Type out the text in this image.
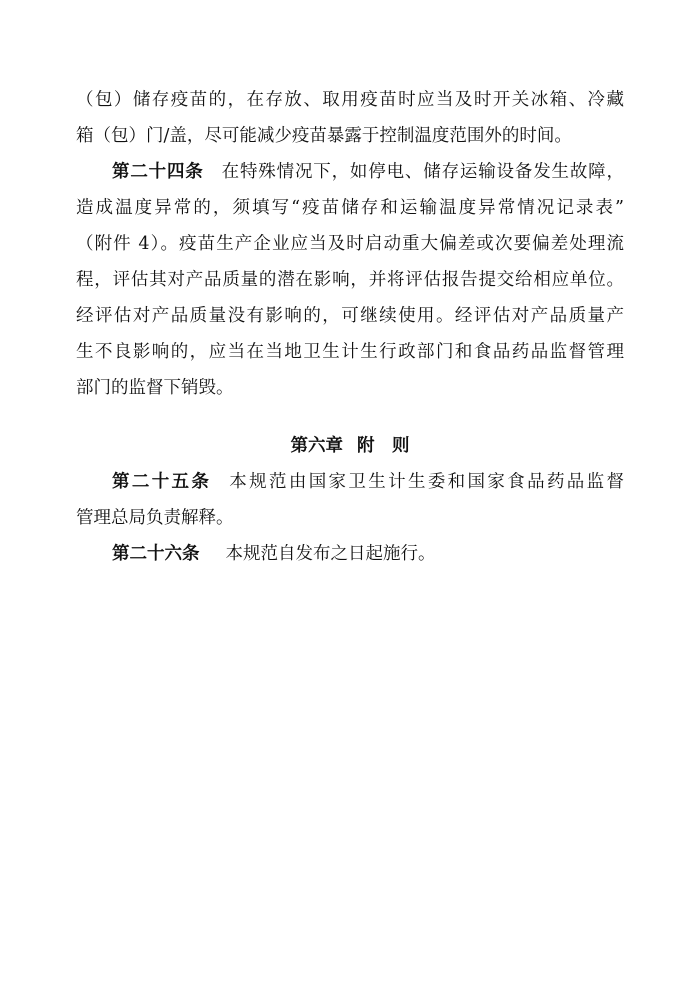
（包）储存疫苗的，在存放、取用疫苗时应当及时开关冰箱、冷藏
箱（包）门/盖，尽可能减少疫苗暴露于控制温度范围外的时间。
第二十四条 在特殊情况下，如停电、储存运输设备发生故障，
造成温度异常的，须填写“疫苗储存和运输温度异常情况记录表”
（附件 4）。疫苗生产企业应当及时启动重大偏差或次要偏差处理流
程，评估其对产品质量的潜在影响，并将评估报告提交给相应单位。
经评估对产品质量没有影响的，可继续使用。经评估对产品质量产
生不良影响的，应当在当地卫生计生行政部门和食品药品监督管理
部门的监督下销毁。
第六章 附　则
第二十五条 本规范由国家卫生计生委和国家食品药品监督
管理总局负责解释。
第二十六条 本规范自发布之日起施行。
